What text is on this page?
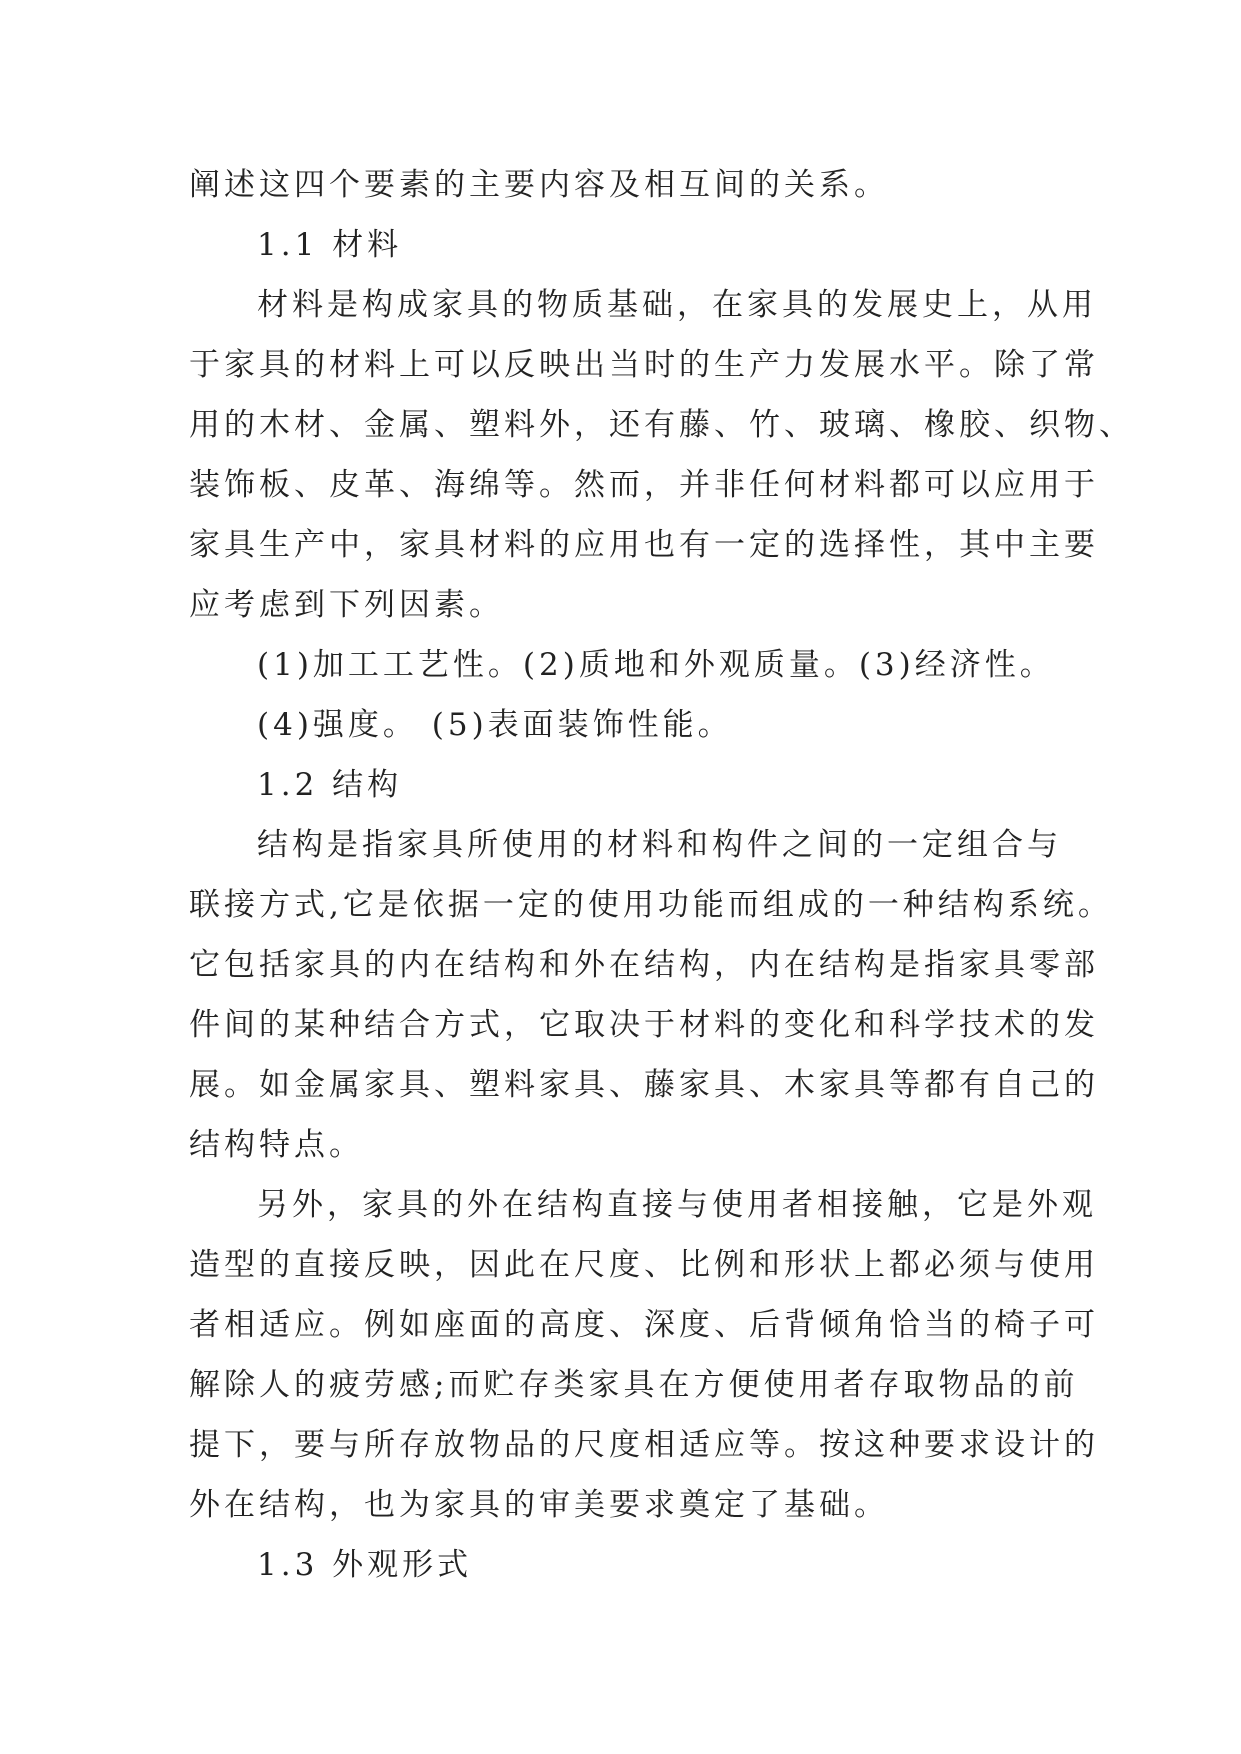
阐述这四个要素的主要内容及相互间的关系。
1.1 材料
材料是构成家具的物质基础，在家具的发展史上，从用
于家具的材料上可以反映出当时的生产力发展水平。除了常
用的木材、金属、塑料外，还有藤、竹、玻璃、橡胶、织物、
装饰板、皮革、海绵等。然而，并非任何材料都可以应用于
家具生产中，家具材料的应用也有一定的选择性，其中主要
应考虑到下列因素。
(1)加工工艺性。(2)质地和外观质量。(3)经济性。
(4)强度。 (5)表面装饰性能。
1.2 结构
结构是指家具所使用的材料和构件之间的一定组合与
联接方式,它是依据一定的使用功能而组成的一种结构系统。
它包括家具的内在结构和外在结构，内在结构是指家具零部
件间的某种结合方式，它取决于材料的变化和科学技术的发
展。如金属家具、塑料家具、藤家具、木家具等都有自己的
结构特点。
另外，家具的外在结构直接与使用者相接触，它是外观
造型的直接反映，因此在尺度、比例和形状上都必须与使用
者相适应。例如座面的高度、深度、后背倾角恰当的椅子可
解除人的疲劳感;而贮存类家具在方便使用者存取物品的前
提下，要与所存放物品的尺度相适应等。按这种要求设计的
外在结构，也为家具的审美要求奠定了基础。
1.3 外观形式
